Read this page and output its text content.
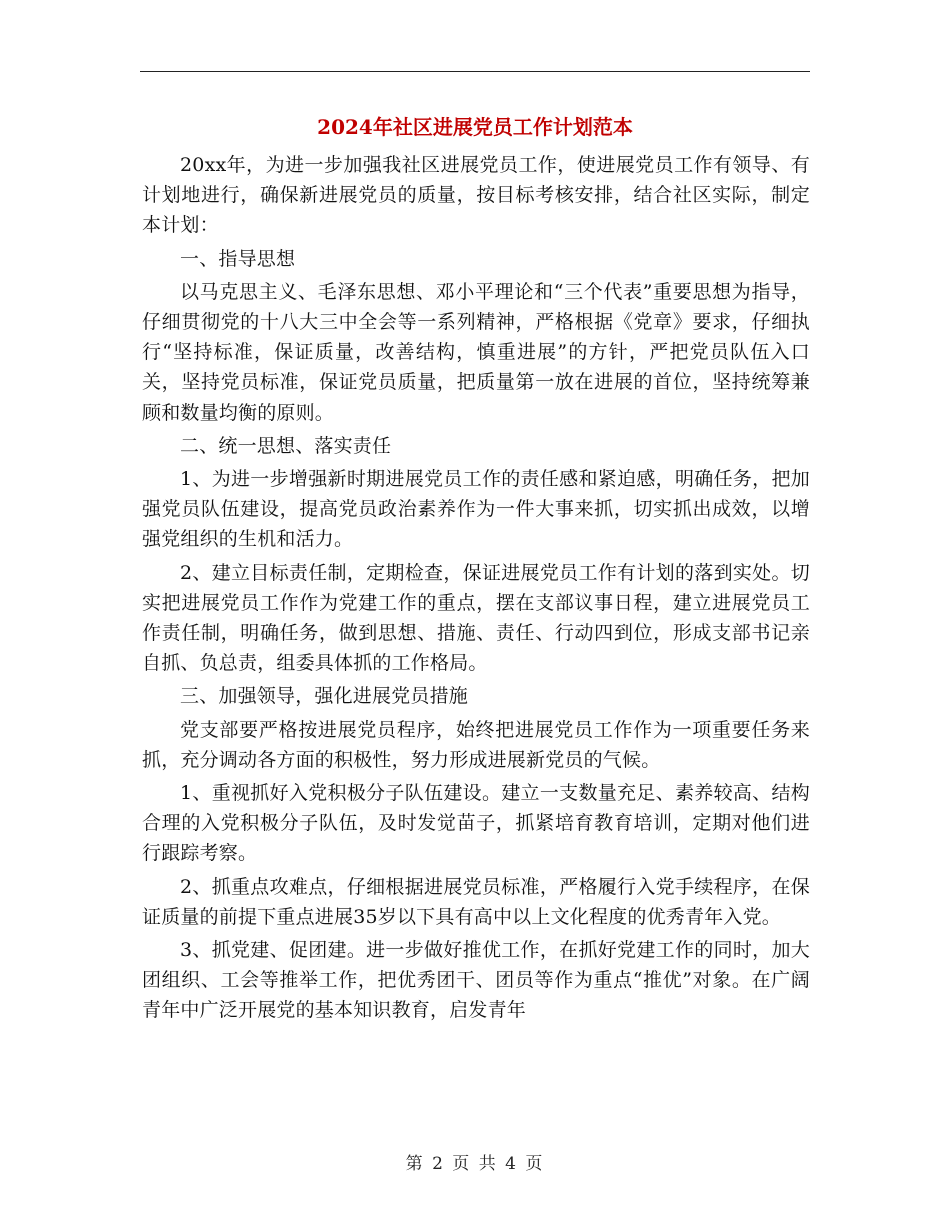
2024年社区进展党员工作计划范本

20xx年，为进一步加强我社区进展党员工作，使进展党员工作有领导、有计划地进行，确保新进展党员的质量，按目标考核安排，结合社区实际，制定本计划：

一、指导思想

以马克思主义、毛泽东思想、邓小平理论和“三个代表”重要思想为指导，仔细贯彻党的十八大三中全会等一系列精神，严格根据《党章》要求，仔细执行“坚持标准，保证质量，改善结构，慎重进展”的方针，严把党员队伍入口关，坚持党员标准，保证党员质量，把质量第一放在进展的首位，坚持统筹兼顾和数量均衡的原则。

二、统一思想、落实责任

1、为进一步增强新时期进展党员工作的责任感和紧迫感，明确任务，把加强党员队伍建设，提高党员政治素养作为一件大事来抓，切实抓出成效，以增强党组织的生机和活力。

2、建立目标责任制，定期检查，保证进展党员工作有计划的落到实处。切实把进展党员工作作为党建工作的重点，摆在支部议事日程，建立进展党员工作责任制，明确任务，做到思想、措施、责任、行动四到位，形成支部书记亲自抓、负总责，组委具体抓的工作格局。

三、加强领导，强化进展党员措施

党支部要严格按进展党员程序，始终把进展党员工作作为一项重要任务来抓，充分调动各方面的积极性，努力形成进展新党员的气候。

1、重视抓好入党积极分子队伍建设。建立一支数量充足、素养较高、结构合理的入党积极分子队伍，及时发觉苗子，抓紧培育教育培训，定期对他们进行跟踪考察。

2、抓重点攻难点，仔细根据进展党员标准，严格履行入党手续程序，在保证质量的前提下重点进展35岁以下具有高中以上文化程度的优秀青年入党。

3、抓党建、促团建。进一步做好推优工作，在抓好党建工作的同时，加大团组织、工会等推举工作，把优秀团干、团员等作为重点“推优”对象。在广阔青年中广泛开展党的基本知识教育，启发青年

第 2 页 共 4 页
